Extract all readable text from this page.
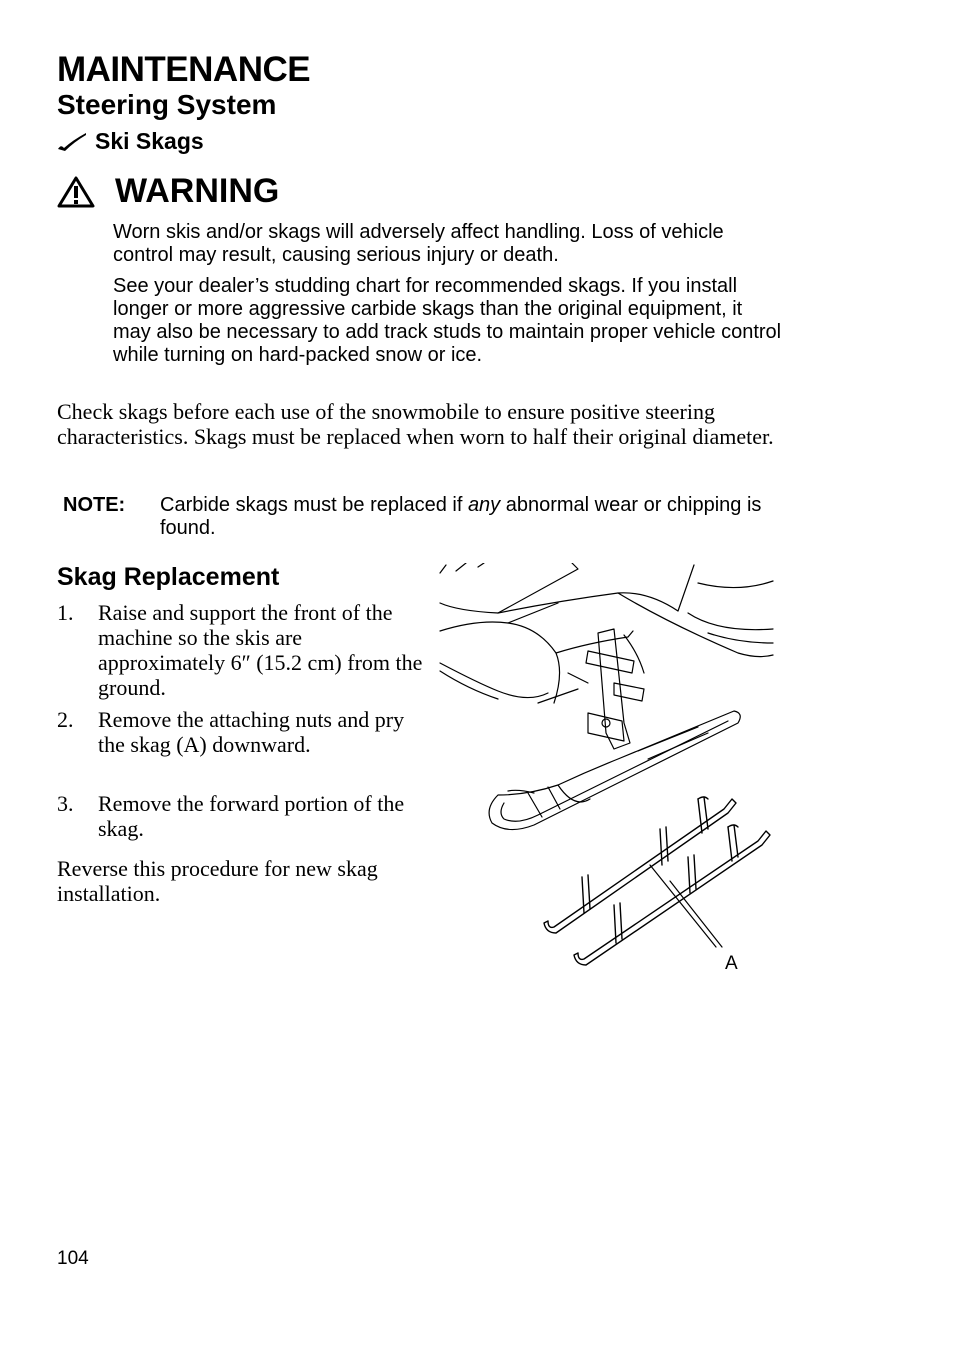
MAINTENANCE
Steering System
Ski Skags
WARNING

Worn skis and/or skags will adversely affect handling. Loss of vehicle control may result, causing serious injury or death.

See your dealer’s studding chart for recommended skags. If you install longer or more aggressive carbide skags than the original equipment, it may also be necessary to add track studs to maintain proper vehicle control while turning on hard-packed snow or ice.

Check skags before each use of the snowmobile to ensure positive steering characteristics. Skags must be replaced when worn to half their original diameter.

NOTE: Carbide skags must be replaced if any abnormal wear or chipping is found.
Skag Replacement
1. Raise and support the front of the machine so the skis are approximately 6″ (15.2 cm) from the ground.
2. Remove the attaching nuts and pry the skag (A) downward.
3. Remove the forward portion of the skag.

Reverse this procedure for new skag installation.

A
104
